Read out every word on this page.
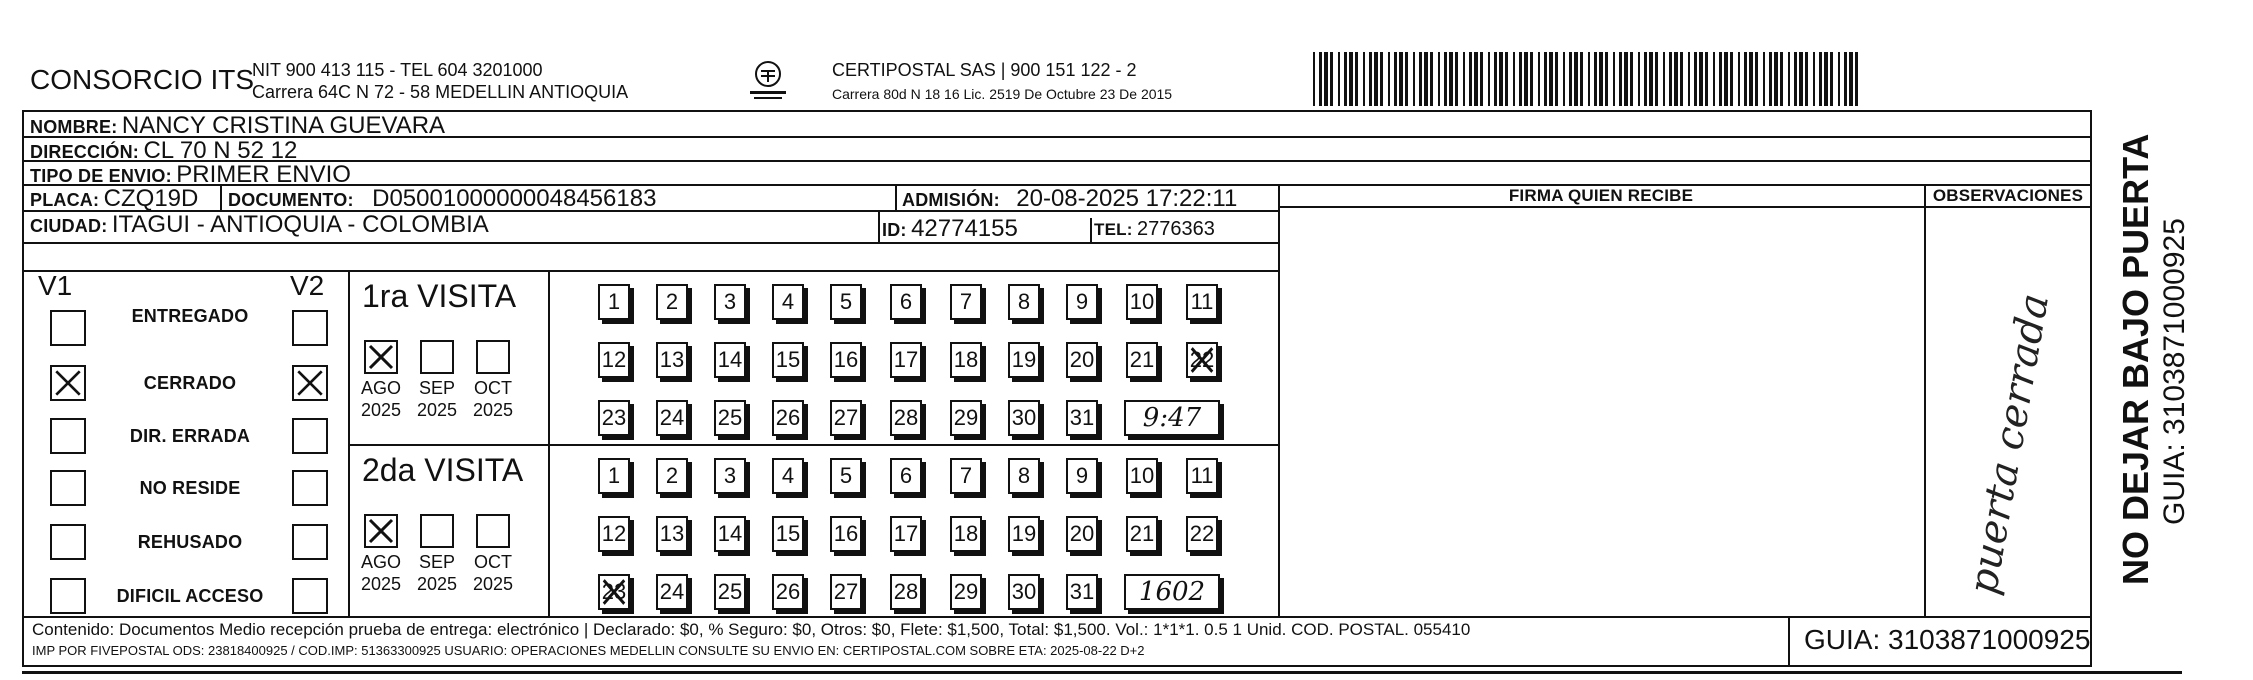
CONSORCIO ITS
NIT 900 413 115 - TEL 604 3201000
Carrera 64C N 72 - 58 MEDELLIN ANTIOQUIA
CERTIPOSTAL SAS | 900 151 122 - 2
Carrera 80d N 18 16 Lic. 2519 De Octubre 23 De 2015
NO DEJAR BAJO PUERTA GUIA: 3103871000925
FIRMA QUIEN RECIBE	OBSERVACIONES
puerta cerrada
NOMBRE: NANCY CRISTINA GUEVARA
DIRECCIÓN: CL 70 N 52 12
TIPO DE ENVIO: PRIMER ENVIO
PLACA: CZQ19D DOCUMENTO: D05001000000048456183	ADMISIÓN: 20-08-2025 17:22:11
CIUDAD: ITAGUI - ANTIOQUIA - COLOMBIA	ID: 42774155	TEL: 2776363
V1	V2
ENTREGADO
CERRADO
DIR. ERRADA
NO RESIDE
REHUSADO
DIFICIL ACCESO
1ra VISITA
AGO
2025
SEP
2025
OCT
2025
1	2	3	4	5	6	7	8	9	10 11
12 13 14 15 16 17 18 19 20 21 22
23 24 25 26 27 28 29 30 31	9:47
2da VISITA
AGO
2025
SEP
2025
OCT
2025
1	2	3	4	5	6	7	8	9	10 11
12 13 14 15 16 17 18 19 20 21 22
23 24 25 26 27 28 29 30 31	1602
Contenido: Documentos Medio recepción prueba de entrega: electrónico | Declarado: $0, % Seguro: $0, Otros: $0, Flete: $1,500, Total: $1,500. Vol.: 1*1*1. 0.5 1 Unid. COD. POSTAL. 055410
IMP POR FIVEPOSTAL ODS: 23818400925 / COD.IMP: 51363300925 USUARIO: OPERACIONES MEDELLIN CONSULTE SU ENVIO EN: CERTIPOSTAL.COM SOBRE ETA: 2025-08-22 D+2	GUIA: 3103871000925
